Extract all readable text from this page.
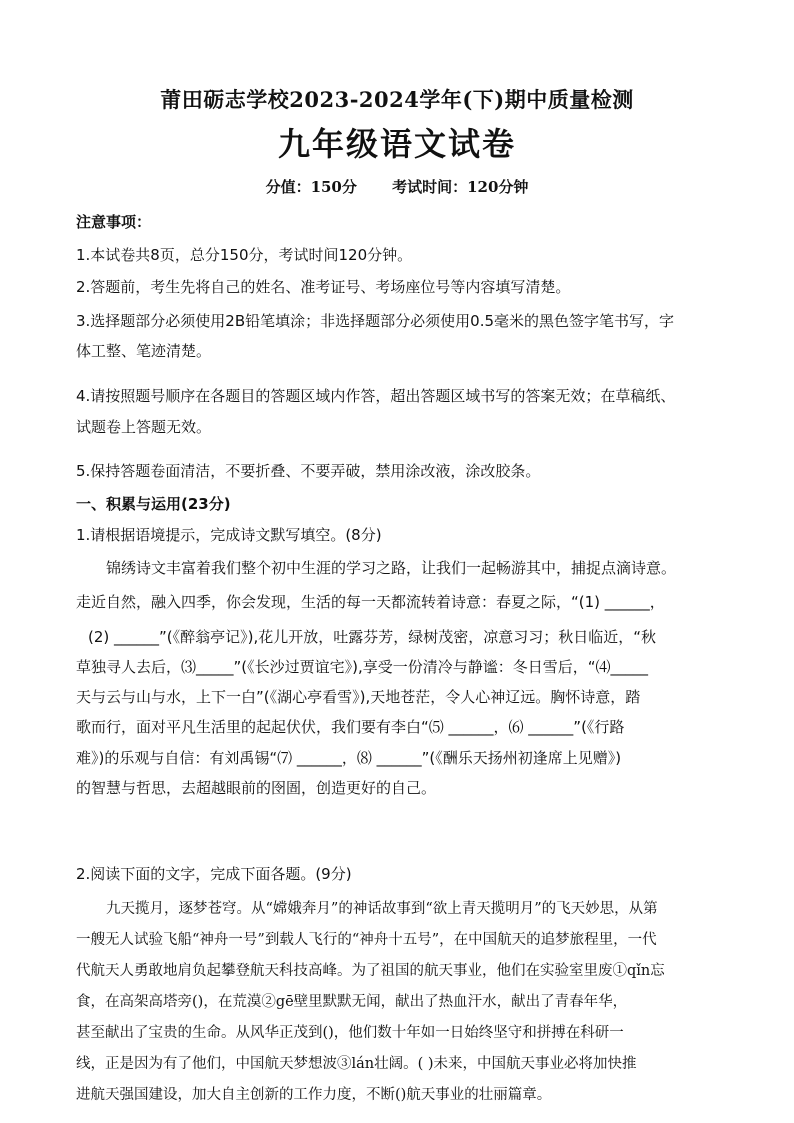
莆田砺志学校2023-2024学年(下)期中质量检测
九年级语文试卷
分值：150分 考试时间：120分钟
注意事项：
1.本试卷共8页，总分150分，考试时间120分钟。
2.答题前，考生先将自己的姓名、准考证号、考场座位号等内容填写清楚。
3.选择题部分必须使用2B铅笔填涂；非选择题部分必须使用0.5毫米的黑色签字笔书写，字
体工整、笔迹清楚。
4.请按照题号顺序在各题目的答题区域内作答，超出答题区域书写的答案无效；在草稿纸、
试题卷上答题无效。
5.保持答题卷面清洁，不要折叠、不要弄破，禁用涂改液，涂改胶条。
一、积累与运用(23分)
1.请根据语境提示，完成诗文默写填空。(8分)
锦绣诗文丰富着我们整个初中生涯的学习之路，让我们一起畅游其中，捕捉点滴诗意。
走近自然，融入四季，你会发现，生活的每一天都流转着诗意：春夏之际，“(1) ______，
(2) ______”(《醉翁亭记》),花儿开放，吐露芬芳，绿树茂密，凉意习习；秋日临近，“秋
草独寻人去后，⑶_____”(《长沙过贾谊宅》),享受一份清冷与静谧：冬日雪后，“⑷_____
天与云与山与水，上下一白”(《湖心亭看雪》),天地苍茫，令人心神辽远。胸怀诗意，踏
歌而行，面对平凡生活里的起起伏伏，我们要有李白“⑸ ______，⑹ ______”(《行路
难》)的乐观与自信：有刘禹锡“⑺ ______，⑻ ______”(《酬乐天扬州初逢席上见赠》)
的智慧与哲思，去超越眼前的囹圄，创造更好的自己。
2.阅读下面的文字，完成下面各题。(9分)
九天揽月，逐梦苍穹。从“嫦娥奔月”的神话故事到“欲上青天揽明月”的飞天妙思，从第
一艘无人试验飞船“神舟一号”到载人飞行的“神舟十五号”，在中国航天的追梦旅程里，一代
代航天人勇敢地肩负起攀登航天科技高峰。为了祖国的航天事业，他们在实验室里废①qǐn忘
食，在高架高塔旁()，在荒漠②gē壁里默默无闻，献出了热血汗水，献出了青春年华，
甚至献出了宝贵的生命。从风华正茂到()，他们数十年如一日始终坚守和拼搏在科研一
线，正是因为有了他们，中国航天梦想波③lán壮阔。( )未来，中国航天事业必将加快推
进航天强国建设，加大自主创新的工作力度，不断()航天事业的壮丽篇章。
